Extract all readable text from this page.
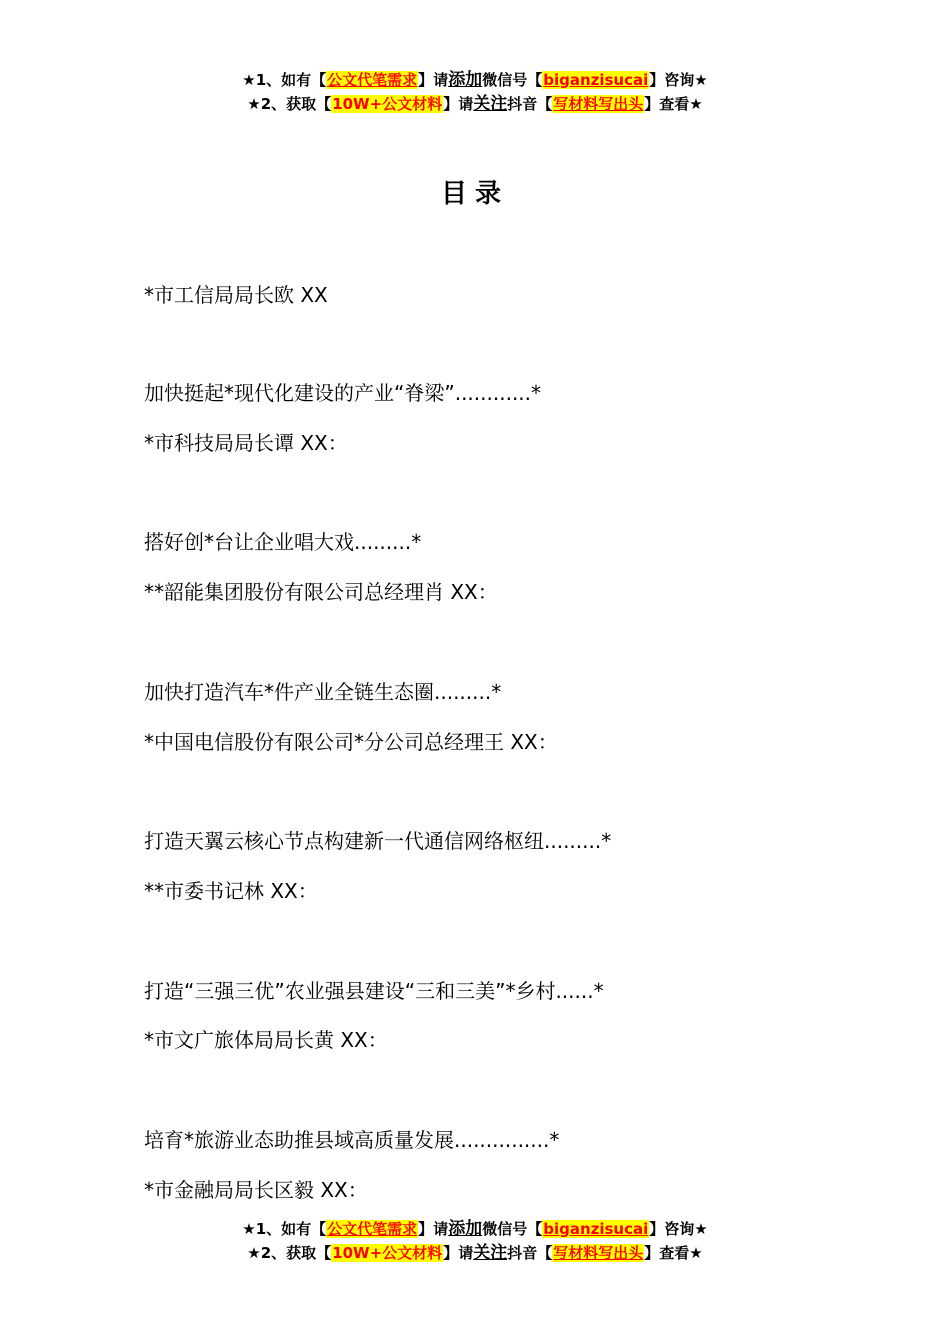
★1、如有【公文代笔需求】请添加微信号【biganzisucai】咨询★
★2、获取【10W+公文材料】请关注抖音【写材料写出头】查看★
目录
*市工信局局长欧 XX
加快挺起*现代化建设的产业“脊梁”............*
*市科技局局长谭 XX：
搭好创*台让企业唱大戏.........*
**韶能集团股份有限公司总经理肖 XX：
加快打造汽车*件产业全链生态圈.........*
*中国电信股份有限公司*分公司总经理王 XX：
打造天翼云核心节点构建新一代通信网络枢纽.........*
**市委书记林 XX：
打造“三强三优”农业强县建设“三和三美”*乡村......*
*市文广旅体局局长黄 XX：
培育*旅游业态助推县域高质量发展...............*
*市金融局局长区毅 XX：
★1、如有【公文代笔需求】请添加微信号【biganzisucai】咨询★
★2、获取【10W+公文材料】请关注抖音【写材料写出头】查看★
